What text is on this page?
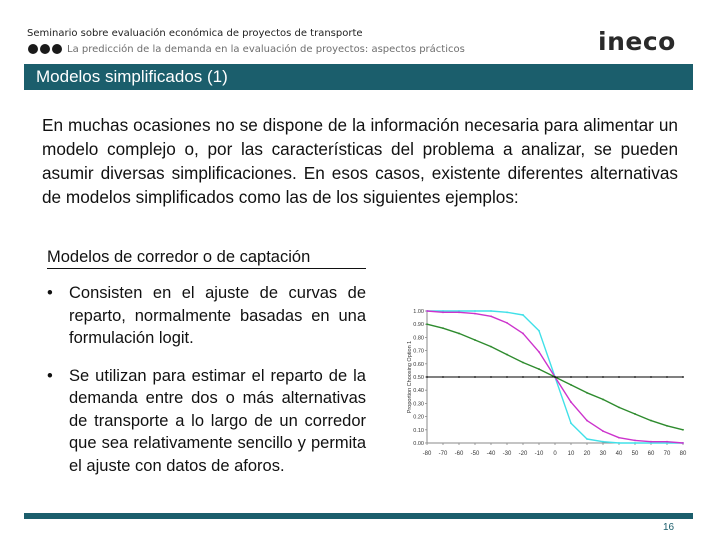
Seminario sobre evaluación económica de proyectos de transporte
La predicción de la demanda en la evaluación de proyectos: aspectos prácticos	ineco
Modelos simplificados (1)
En muchas ocasiones no se dispone de la información necesaria para alimentar un modelo complejo o, por las características del problema a analizar, se pueden asumir diversas simplificaciones. En esos casos, existente diferentes alternativas de modelos simplificados como las de los siguientes ejemplos:
Modelos de corredor o de captación
• Consisten en el ajuste de curvas de reparto, normalmente basadas en una formulación logit.
• Se utilizan para estimar el reparto de la demanda entre dos o más alternativas de transporte a lo largo de un corredor que sea relativamente sencillo y permita el ajuste con datos de aforos.
Proportion Choosing Option 1
1.00
0.90
0.80
0.70
0.60
0.50
0.40
0.30
0.20
0.10
0.00
-80 -70 -60 -50 -40 -30 -20 -10 0 10 20 30 40 50 60 70 80
16
